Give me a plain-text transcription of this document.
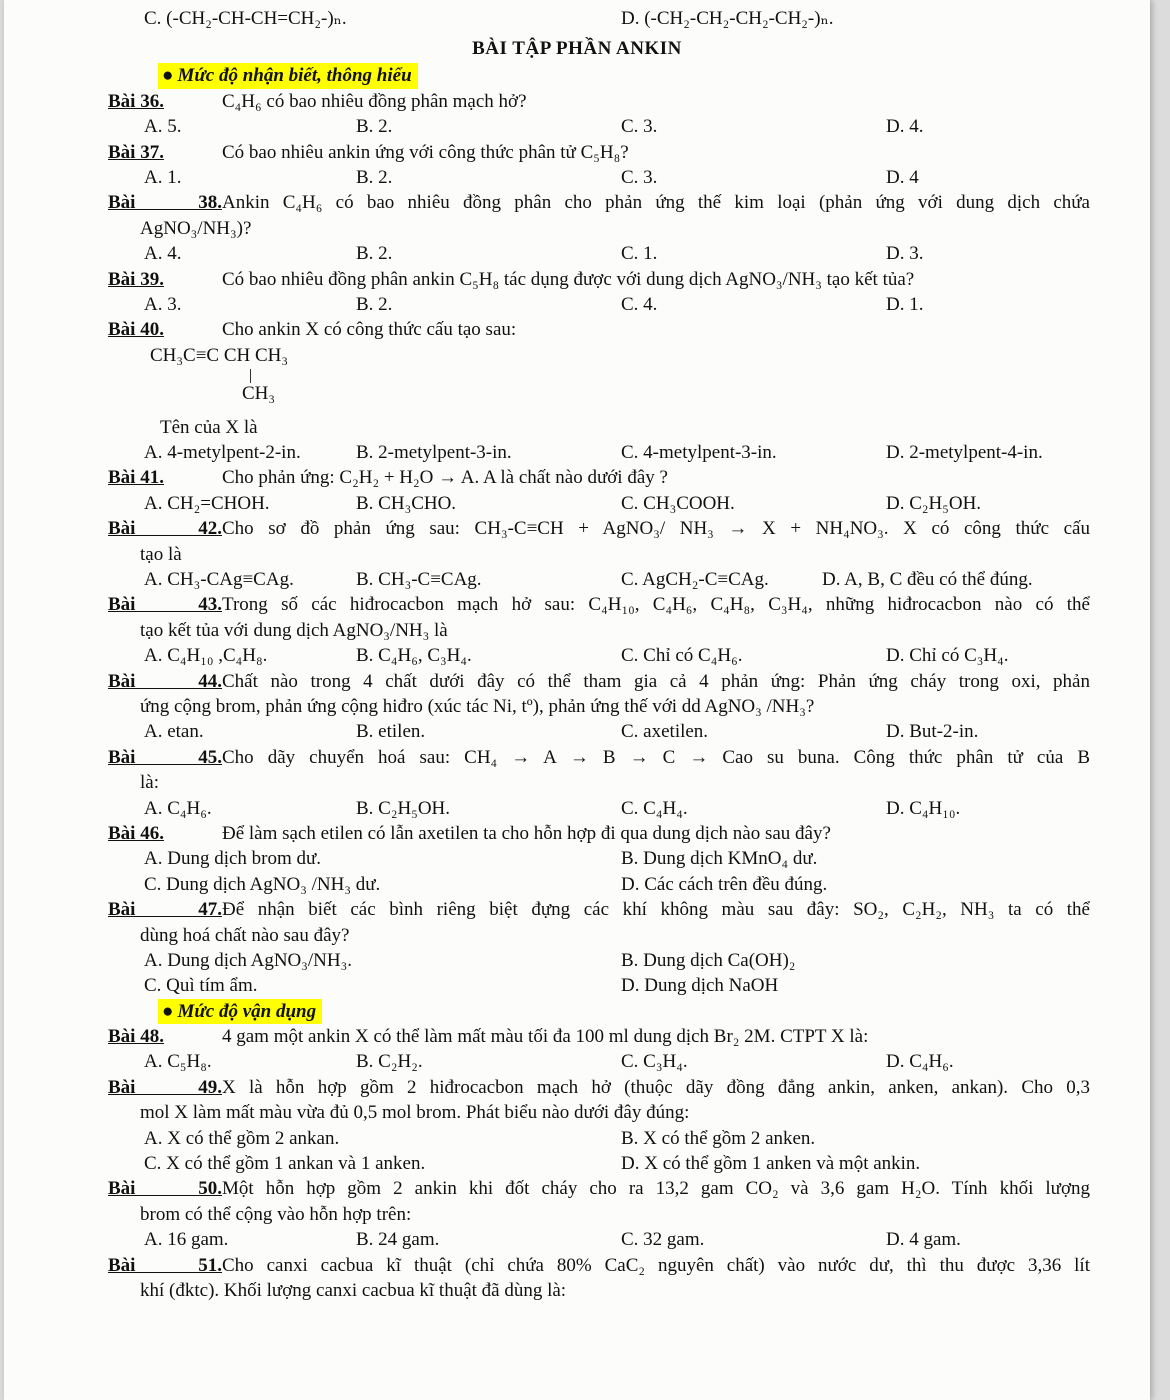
C. (-CH₂-CH-CH=CH₂-)ₙ.	D. (-CH₂-CH₂-CH₂-CH₂-)ₙ.
BÀI TẬP PHẦN ANKIN
● Mức độ nhận biết, thông hiểu
Bài 36.	C₄H₆ có bao nhiêu đồng phân mạch hở?
A. 5.	B. 2.	C. 3.	D. 4.
Bài 37.	Có bao nhiêu ankin ứng với công thức phân tử C₅H₈?
A. 1.	B. 2.	C. 3.	D. 4
Bài 38.Ankin C₄H₆ có bao nhiêu đồng phân cho phản ứng thế kim loại (phản ứng với dung dịch chứa
AgNO₃/NH₃)?
A. 4.	B. 2.	C. 1.	D. 3.
Bài 39.	Có bao nhiêu đồng phân ankin C₅H₈ tác dụng được với dung dịch AgNO₃/NH₃ tạo kết tủa?
A. 3.	B. 2.	C. 4.	D. 1.
Bài 40.	Cho ankin X có công thức cấu tạo sau:
CH₃C≡C CH CH₃
CH₃
Tên của X là
A. 4-metylpent-2-in.	B. 2-metylpent-3-in.	C. 4-metylpent-3-in.	D. 2-metylpent-4-in.
Bài 41.	Cho phản ứng: C₂H₂ + H₂O → A. A là chất nào dưới đây ?
A. CH₂=CHOH.	B. CH₃CHO.	C. CH₃COOH.	D. C₂H₅OH.
Bài 42.Cho sơ đồ phản ứng sau: CH₃-C≡CH + AgNO₃/ NH₃ → X + NH₄NO₃. X có công thức cấu
tạo là
A. CH₃-CAg≡CAg.	B. CH₃-C≡CAg.	C. AgCH₂-C≡CAg.	D. A, B, C đều có thể đúng.
Bài 43.Trong số các hiđrocacbon mạch hở sau: C₄H₁₀, C₄H₆, C₄H₈, C₃H₄, những hiđrocacbon nào có thể
tạo kết tủa với dung dịch AgNO₃/NH₃ là
A. C₄H₁₀ ,C₄H₈.	B. C₄H₆, C₃H₄.	C. Chỉ có C₄H₆.	D. Chỉ có C₃H₄.
Bài 44.Chất nào trong 4 chất dưới đây có thể tham gia cả 4 phản ứng: Phản ứng cháy trong oxi, phản
ứng cộng brom, phản ứng cộng hiđro (xúc tác Ni, tº), phản ứng thế với dd AgNO₃ /NH₃?
A. etan.	B. etilen.	C. axetilen.	D. But-2-in.
Bài 45.Cho dãy chuyển hoá sau: CH₄ → A → B → C → Cao su buna. Công thức phân tử của B
là:
A. C₄H₆.	B. C₂H₅OH.	C. C₄H₄.	D. C₄H₁₀.
Bài 46.	Để làm sạch etilen có lẫn axetilen ta cho hỗn hợp đi qua dung dịch nào sau đây?
A. Dung dịch brom dư.	B. Dung dịch KMnO₄ dư.
C. Dung dịch AgNO₃ /NH₃ dư.	D. Các cách trên đều đúng.
Bài 47.Để nhận biết các bình riêng biệt đựng các khí không màu sau đây: SO₂, C₂H₂, NH₃ ta có thể
dùng hoá chất nào sau đây?
A. Dung dịch AgNO₃/NH₃.	B. Dung dịch Ca(OH)₂
C. Quì tím ẩm.	D. Dung dịch NaOH
● Mức độ vận dụng
Bài 48.	4 gam một ankin X có thể làm mất màu tối đa 100 ml dung dịch Br₂ 2M. CTPT X là:
A. C₅H₈.	B. C₂H₂.	C. C₃H₄.	D. C₄H₆.
Bài 49.X là hỗn hợp gồm 2 hiđrocacbon mạch hở (thuộc dãy đồng đẳng ankin, anken, ankan). Cho 0,3
mol X làm mất màu vừa đủ 0,5 mol brom. Phát biểu nào dưới đây đúng:
A. X có thể gồm 2 ankan.	B. X có thể gồm 2 anken.
C. X có thể gồm 1 ankan và 1 anken.	D. X có thể gồm 1 anken và một ankin.
Bài 50.Một hỗn hợp gồm 2 ankin khi đốt cháy cho ra 13,2 gam CO₂ và 3,6 gam H₂O. Tính khối lượng
brom có thể cộng vào hỗn hợp trên:
A. 16 gam.	B. 24 gam.	C. 32 gam.	D. 4 gam.
Bài 51.Cho canxi cacbua kĩ thuật (chỉ chứa 80% CaC₂ nguyên chất) vào nước dư, thì thu được 3,36 lít
khí (đktc). Khối lượng canxi cacbua kĩ thuật đã dùng là:
